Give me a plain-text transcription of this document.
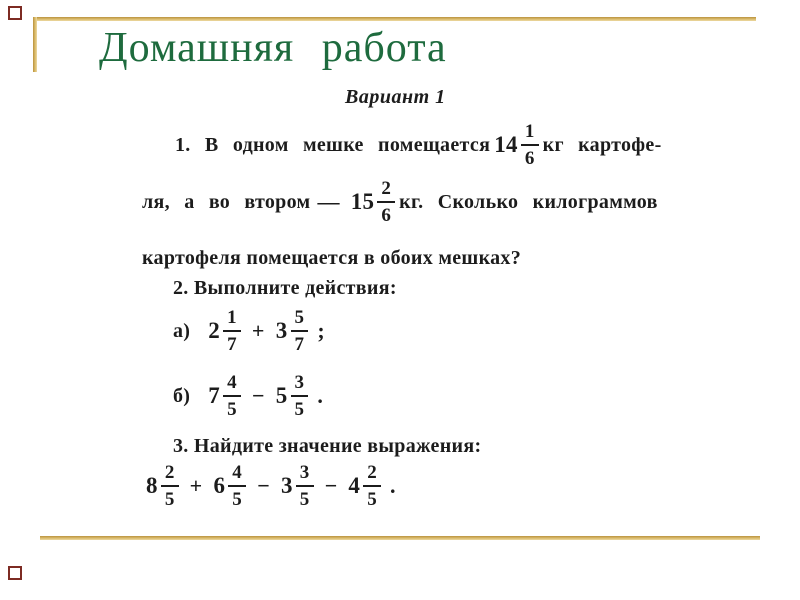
Домашняя работа
Вариант 1
1. В одном мешке помещается $14 \frac{1}{6}$ кг картофе-
ля, а во втором — $15 \frac{2}{6}$ кг. Сколько килограммов
картофеля помещается в обоих мешках?
2. Выполните действия:
а) $2 \frac{1}{7} + 3 \frac{5}{7}$ ;
б) $7 \frac{4}{5} - 5 \frac{3}{5}$ .
3. Найдите значение выражения:
$8 \frac{2}{5} + 6 \frac{4}{5} - 3 \frac{3}{5} - 4 \frac{2}{5}$ .
